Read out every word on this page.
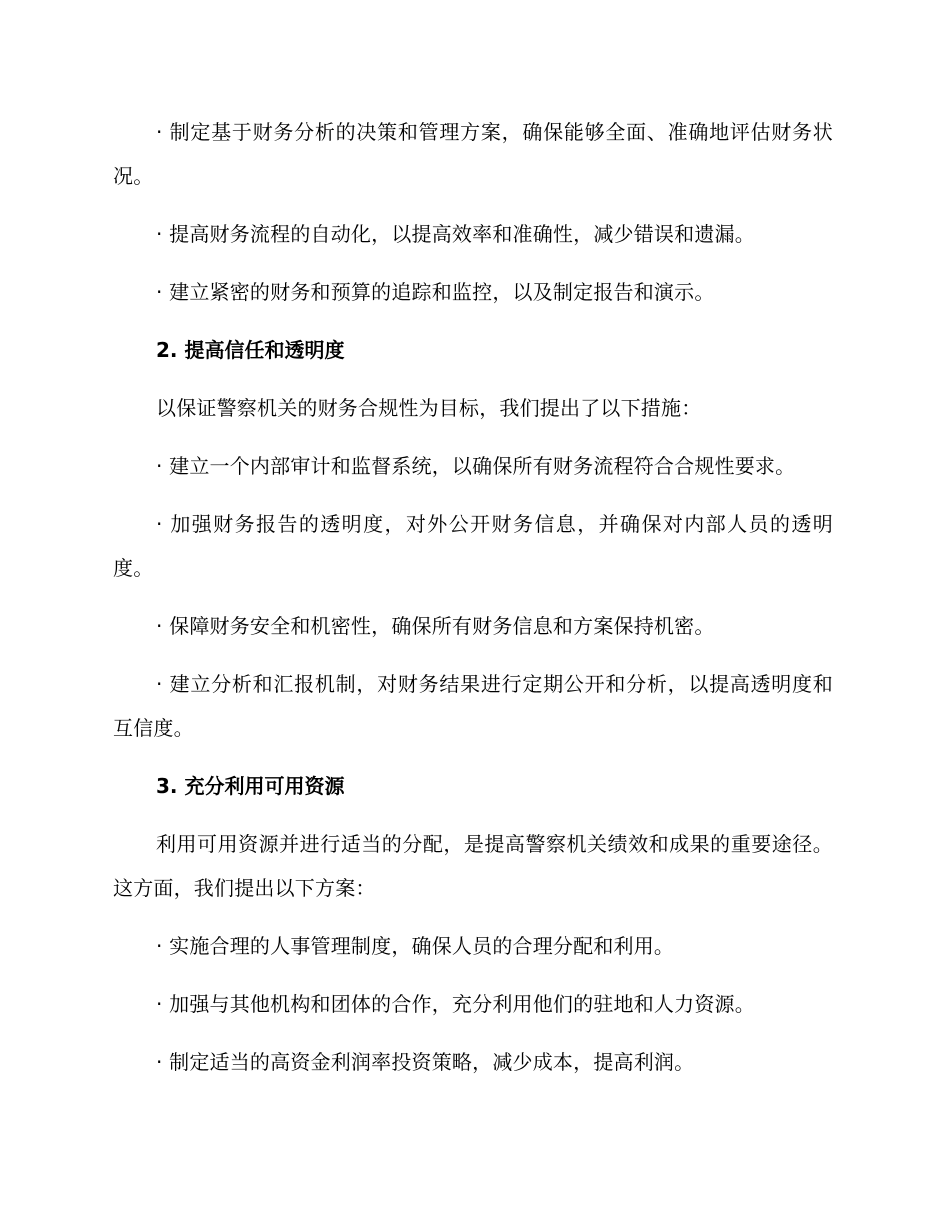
· 制定基于财务分析的决策和管理方案，确保能够全面、准确地评估财务状况。

· 提高财务流程的自动化，以提高效率和准确性，减少错误和遗漏。

· 建立紧密的财务和预算的追踪和监控，以及制定报告和演示。

2. 提高信任和透明度

以保证警察机关的财务合规性为目标，我们提出了以下措施：

· 建立一个内部审计和监督系统，以确保所有财务流程符合合规性要求。

· 加强财务报告的透明度，对外公开财务信息，并确保对内部人员的透明度。

· 保障财务安全和机密性，确保所有财务信息和方案保持机密。

· 建立分析和汇报机制，对财务结果进行定期公开和分析，以提高透明度和互信度。

3. 充分利用可用资源

利用可用资源并进行适当的分配，是提高警察机关绩效和成果的重要途径。这方面，我们提出以下方案：

· 实施合理的人事管理制度，确保人员的合理分配和利用。

· 加强与其他机构和团体的合作，充分利用他们的驻地和人力资源。

· 制定适当的高资金利润率投资策略，减少成本，提高利润。
